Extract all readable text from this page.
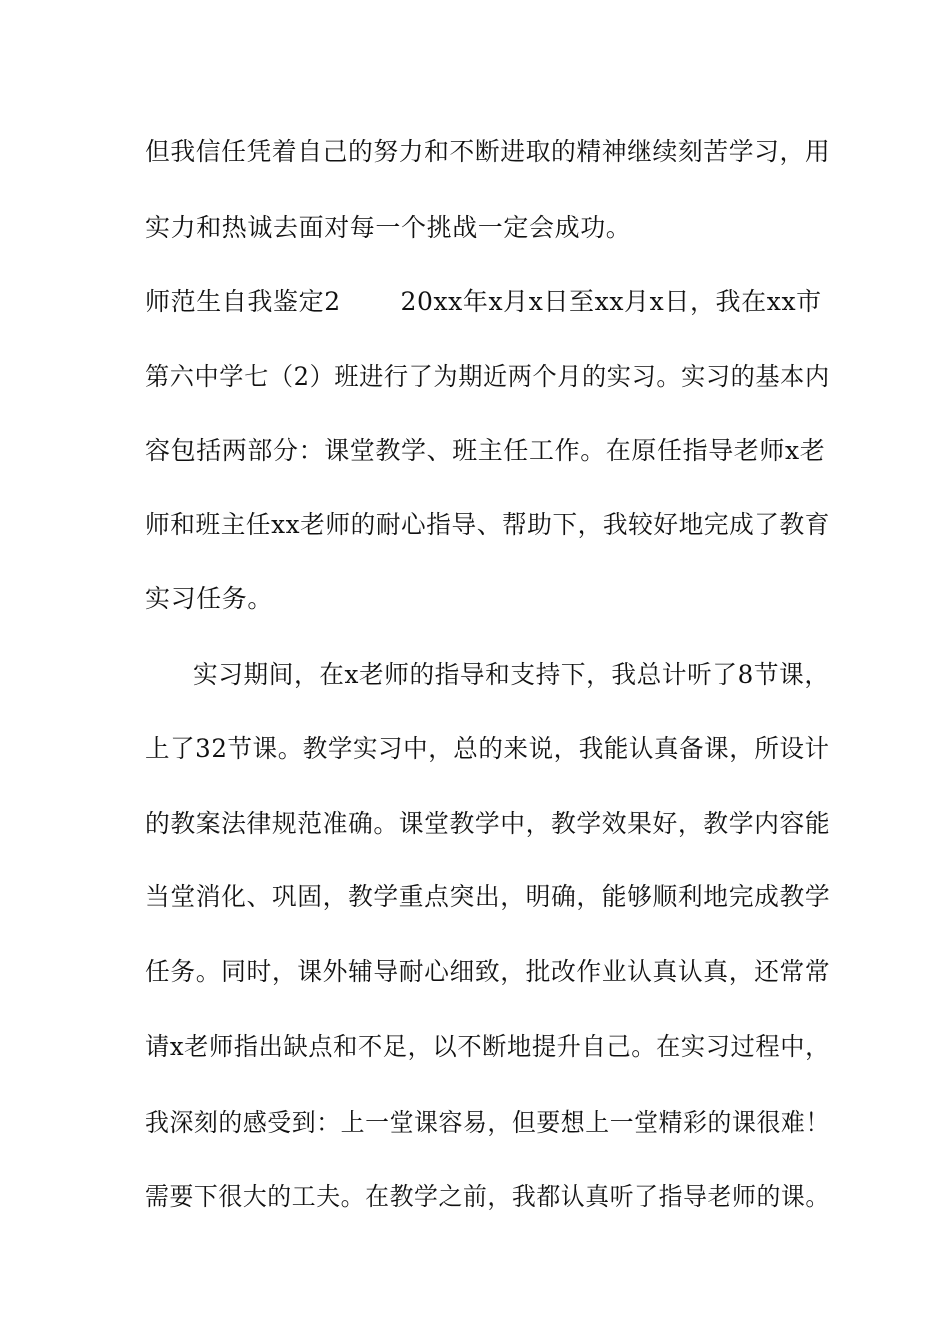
但我信任凭着自己的努力和不断进取的精神继续刻苦学习，用

实力和热诚去面对每一个挑战一定会成功。

师范生自我鉴定2　　 20xx年x月x日至xx月x日，我在xx市

第六中学七（2）班进行了为期近两个月的实习。实习的基本内

容包括两部分：课堂教学、班主任工作。在原任指导老师x老

师和班主任xx老师的耐心指导、帮助下，我较好地完成了教育

实习任务。

实习期间，在x老师的指导和支持下，我总计听了8节课，

上了32节课。教学实习中，总的来说，我能认真备课，所设计

的教案法律规范准确。课堂教学中，教学效果好，教学内容能

当堂消化、巩固，教学重点突出，明确，能够顺利地完成教学

任务。同时，课外辅导耐心细致，批改作业认真认真，还常常

请x老师指出缺点和不足，以不断地提升自己。在实习过程中，

我深刻的感受到：上一堂课容易，但要想上一堂精彩的课很难！

需要下很大的工夫。在教学之前，我都认真听了指导老师的课。
